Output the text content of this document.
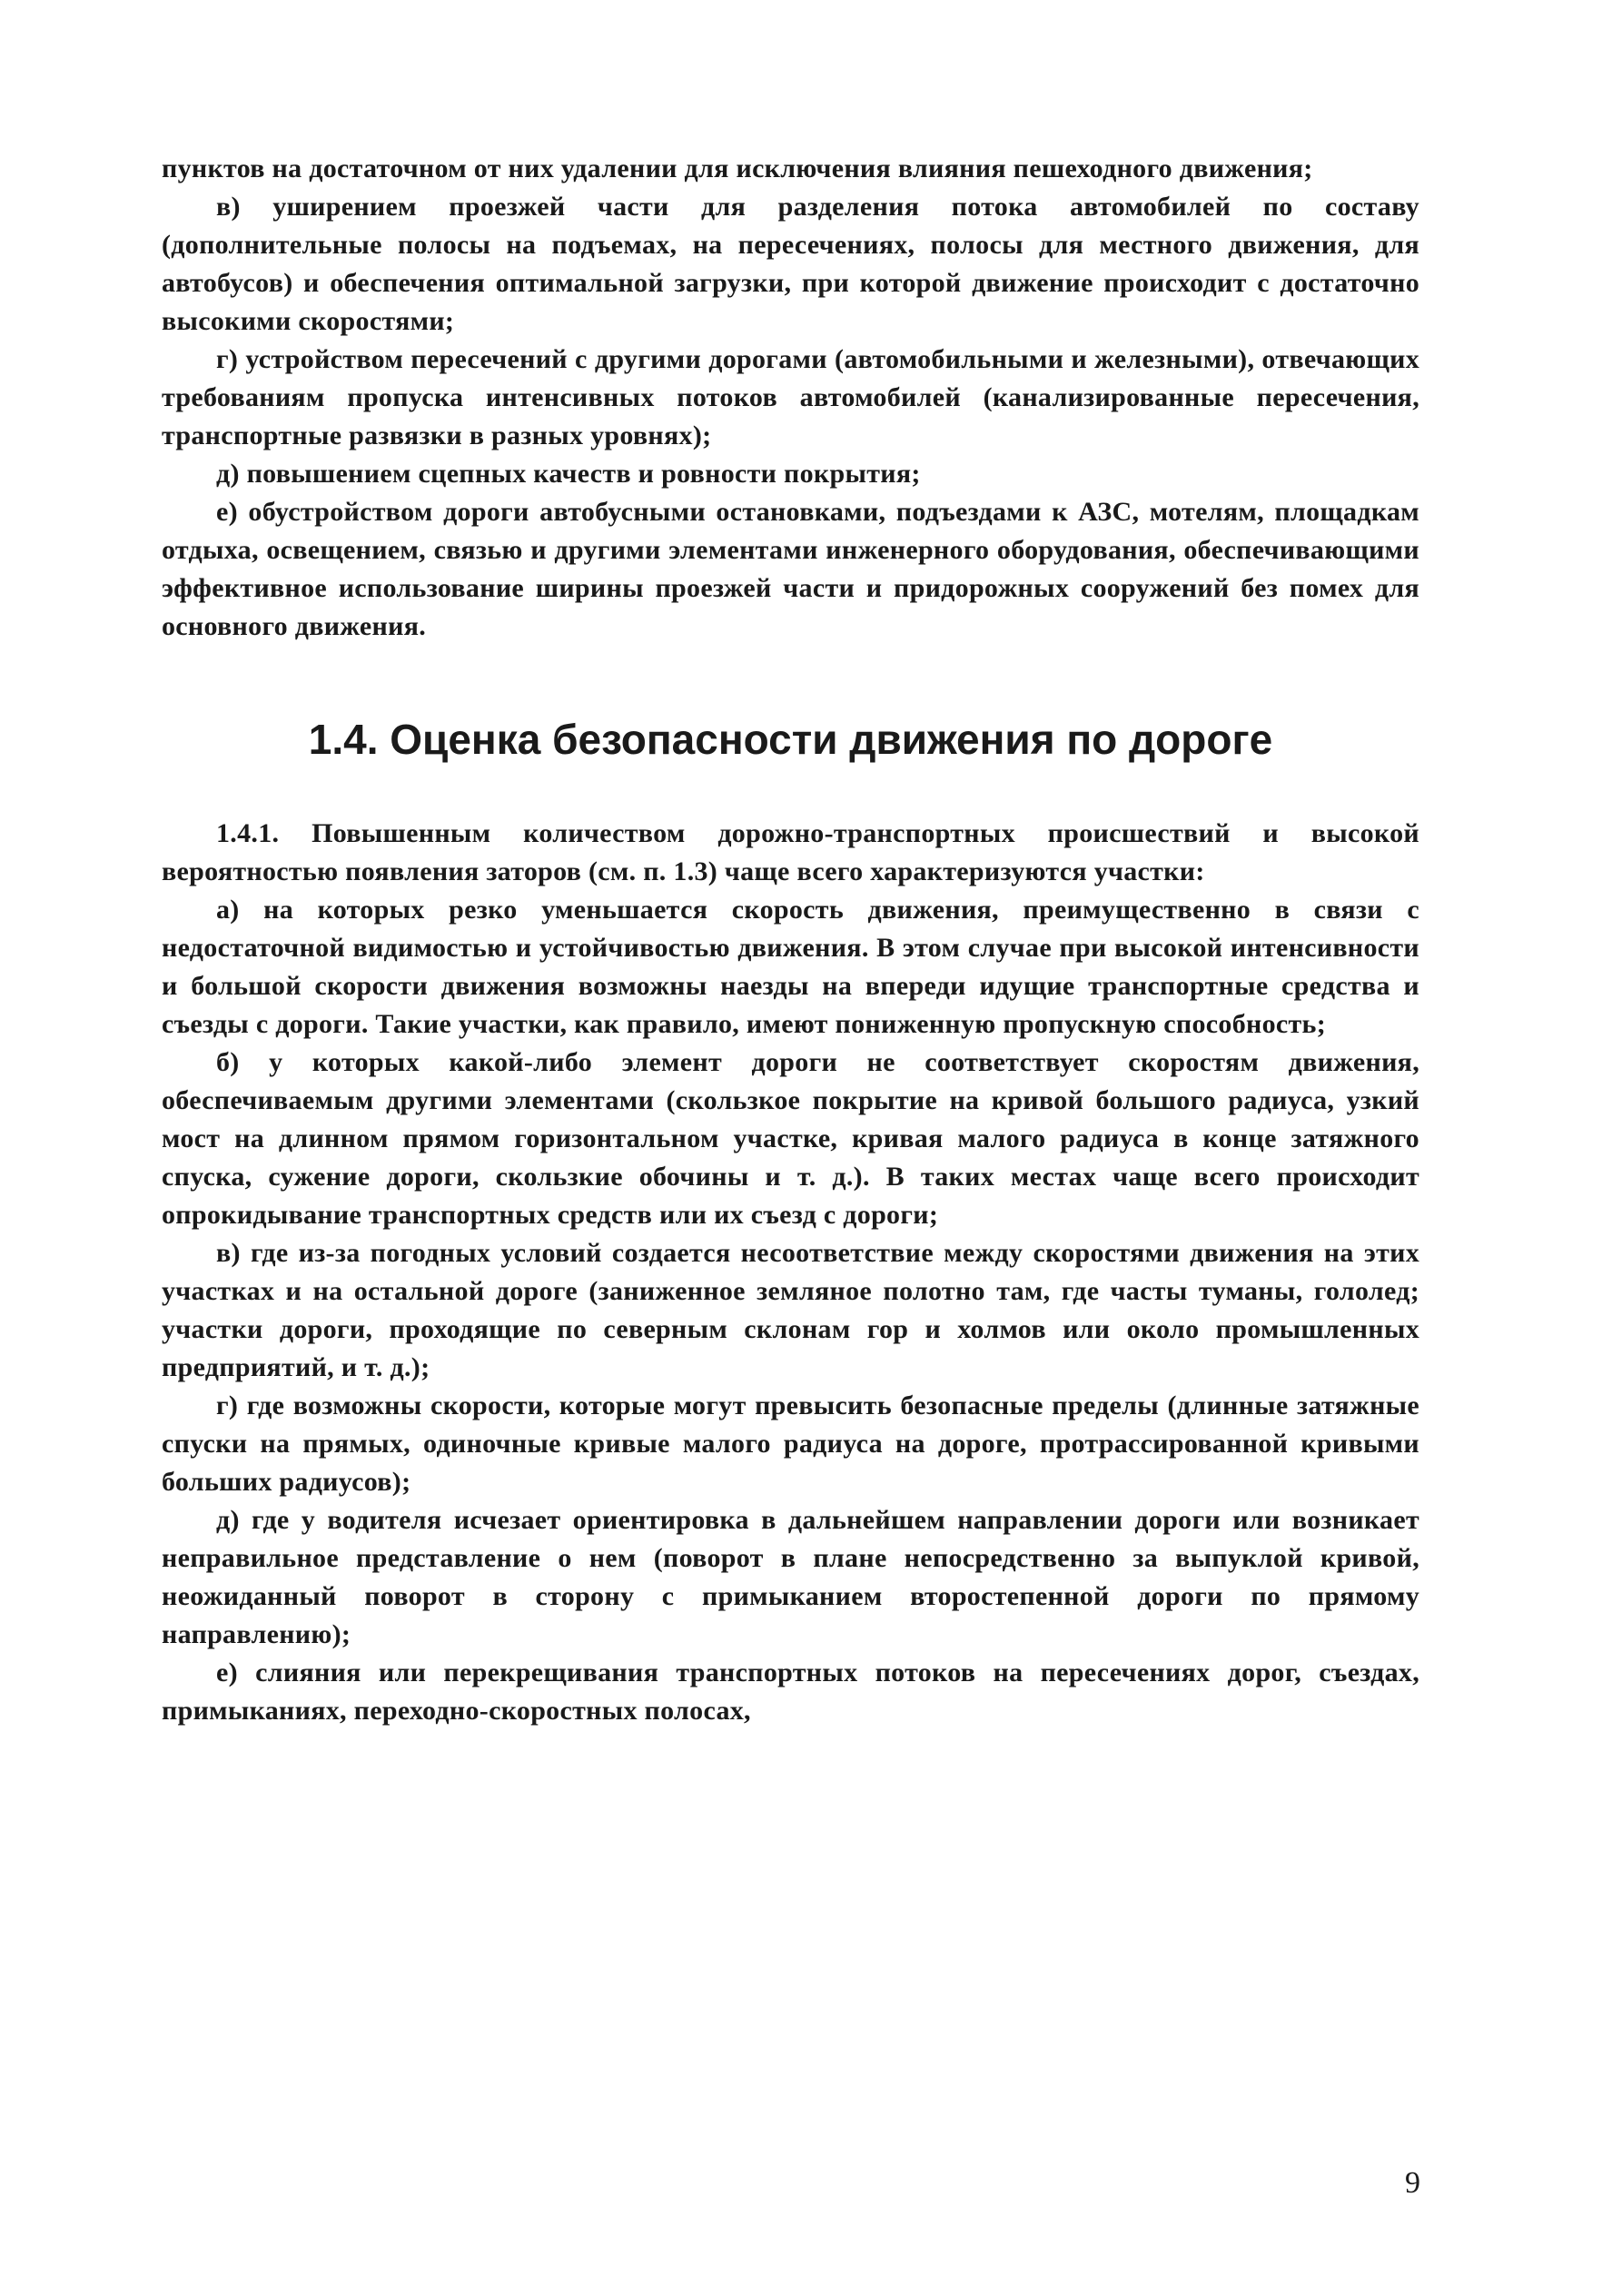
пунктов на достаточном от них удалении для исключения влияния пешеходного движения;

в) уширением проезжей части для разделения потока автомобилей по составу (дополнительные полосы на подъемах, на пересечениях, полосы для местного движения, для автобусов) и обеспечения оптимальной загрузки, при которой движение происходит с достаточно высокими скоростями;

г) устройством пересечений с другими дорогами (автомобильными и железными), отвечающих требованиям пропуска интенсивных потоков автомобилей (канализированные пересечения, транспортные развязки в разных уровнях);

д) повышением сцепных качеств и ровности покрытия;

е) обустройством дороги автобусными остановками, подъездами к АЗС, мотелям, площадкам отдыха, освещением, связью и другими элементами инженерного оборудования, обеспечивающими эффективное использование ширины проезжей части и придорожных сооружений без помех для основного движения.

1.4. Оценка безопасности движения по дороге

1.4.1. Повышенным количеством дорожно-транспортных происшествий и высокой вероятностью появления заторов (см. п. 1.3) чаще всего характеризуются участки:

а) на которых резко уменьшается скорость движения, преимущественно в связи с недостаточной видимостью и устойчивостью движения. В этом случае при высокой интенсивности и большой скорости движения возможны наезды на впереди идущие транспортные средства и съезды с дороги. Такие участки, как правило, имеют пониженную пропускную способность;

б) у которых какой-либо элемент дороги не соответствует скоростям движения, обеспечиваемым другими элементами (скользкое покрытие на кривой большого радиуса, узкий мост на длинном прямом горизонтальном участке, кривая малого радиуса в конце затяжного спуска, сужение дороги, скользкие обочины и т. д.). В таких местах чаще всего происходит опрокидывание транспортных средств или их съезд с дороги;

в) где из-за погодных условий создается несоответствие между скоростями движения на этих участках и на остальной дороге (заниженное земляное полотно там, где часты туманы, гололед; участки дороги, проходящие по северным склонам гор и холмов или около промышленных предприятий, и т. д.);

г) где возможны скорости, которые могут превысить безопасные пределы (длинные затяжные спуски на прямых, одиночные кривые малого радиуса на дороге, протрассированной кривыми больших радиусов);

д) где у водителя исчезает ориентировка в дальнейшем направлении дороги или возникает неправильное представление о нем (поворот в плане непосредственно за выпуклой кривой, неожиданный поворот в сторону с примыканием второстепенной дороги по прямому направлению);

е) слияния или перекрещивания транспортных потоков на пересечениях дорог, съездах, примыканиях, переходно-скоростных полосах,

9
